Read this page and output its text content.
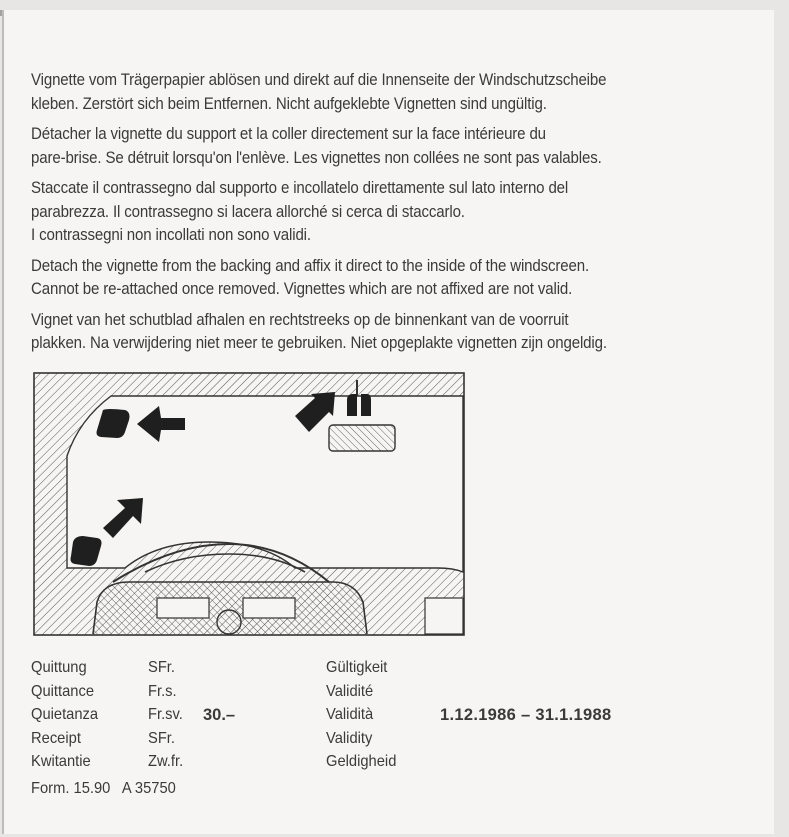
Vignette vom Trägerpapier ablösen und direkt auf die Innenseite der Windschutzscheibe
kleben. Zerstört sich beim Entfernen. Nicht aufgeklebte Vignetten sind ungültig.
Détacher la vignette du support et la coller directement sur la face intérieure du
pare-brise. Se détruit lorsqu'on l'enlève. Les vignettes non collées ne sont pas valables.
Staccate il contrassegno dal supporto e incollatelo direttamente sul lato interno del
parabrezza. Il contrassegno si lacera allorché si cerca di staccarlo.
I contrassegni non incollati non sono validi.
Detach the vignette from the backing and affix it direct to the inside of the windscreen.
Cannot be re-attached once removed. Vignettes which are not affixed are not valid.
Vignet van het schutblad afhalen en rechtstreeks op de binnenkant van de voorruit
plakken. Na verwijdering niet meer te gebruiken. Niet opgeplakte vignetten zijn ongeldig.
Quittung
Quittance
Quietanza
Receipt
Kwitantie
SFr.
Fr.s.
Fr.sv.
SFr.
Zw.fr.
30.–
Gültigkeit
Validité
Validità
Validity
Geldigheid
1.12.1986 – 31.1.1988
Form. 15.90 A 35750
